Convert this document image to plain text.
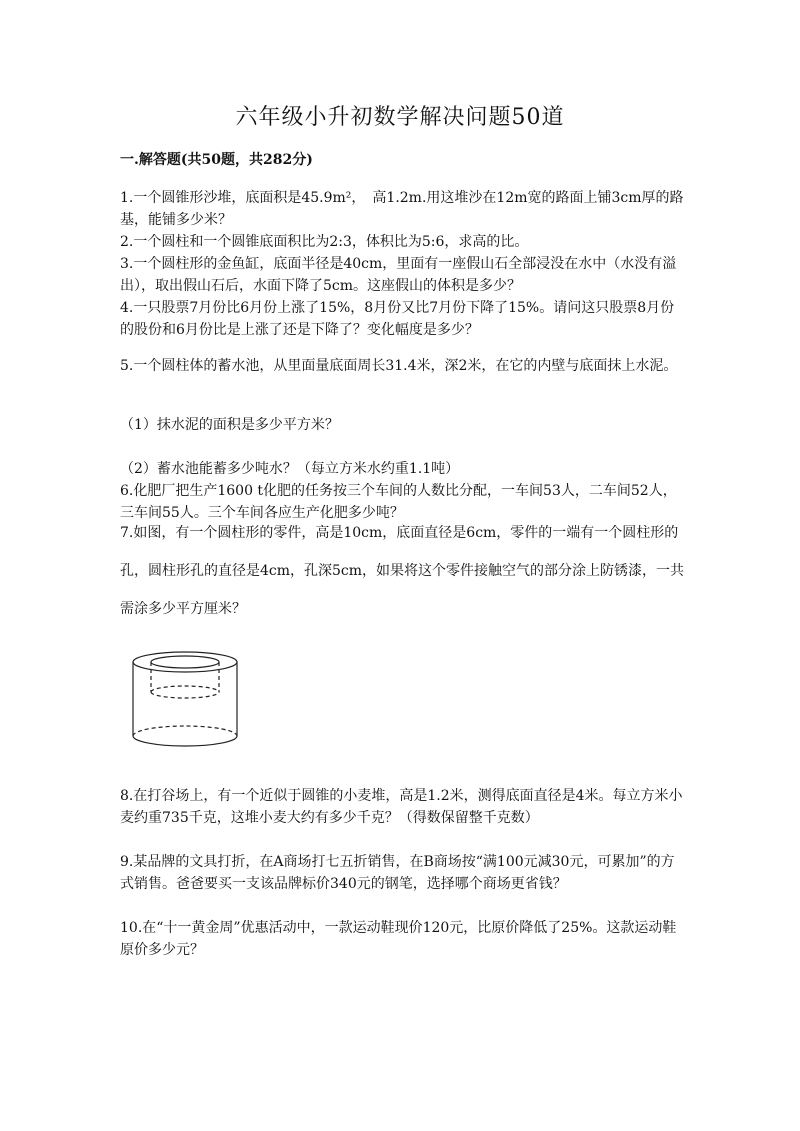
六年级小升初数学解决问题50道
一.解答题(共50题，共282分)

1.一个圆锥形沙堆，底面积是45.9m²，　高1.2m.用这堆沙在12m宽的路面上铺3cm厚的路基，能铺多少米？

2.一个圆柱和一个圆锥底面积比为2:3，体积比为5:6，求高的比。

3.一个圆柱形的金鱼缸，底面半径是40cm，里面有一座假山石全部浸没在水中（水没有溢出），取出假山石后，水面下降了5cm。这座假山的体积是多少？

4.一只股票7月份比6月份上涨了15%，8月份又比7月份下降了15%。请问这只股票8月份的股份和6月份比是上涨了还是下降了？变化幅度是多少？

5.一个圆柱体的蓄水池，从里面量底面周长31.4米，深2米，在它的内壁与底面抹上水泥。

（1）抹水泥的面积是多少平方米？

（2）蓄水池能蓄多少吨水？（每立方米水约重1.1吨）

6.化肥厂把生产1600 t化肥的任务按三个车间的人数比分配，一车间53人，二车间52人，三车间55人。三个车间各应生产化肥多少吨？

7.如图，有一个圆柱形的零件，高是10cm，底面直径是6cm，零件的一端有一个圆柱形的孔，圆柱形孔的直径是4cm，孔深5cm，如果将这个零件接触空气的部分涂上防锈漆，一共需涂多少平方厘米？

8.在打谷场上，有一个近似于圆锥的小麦堆，高是1.2米，测得底面直径是4米。每立方米小麦约重735千克，这堆小麦大约有多少千克？（得数保留整千克数）

9.某品牌的文具打折，在A商场打七五折销售，在B商场按“满100元减30元，可累加”的方式销售。爸爸要买一支该品牌标价340元的钢笔，选择哪个商场更省钱？

10.在“十一黄金周”优惠活动中，一款运动鞋现价120元，比原价降低了25%。这款运动鞋原价多少元？
